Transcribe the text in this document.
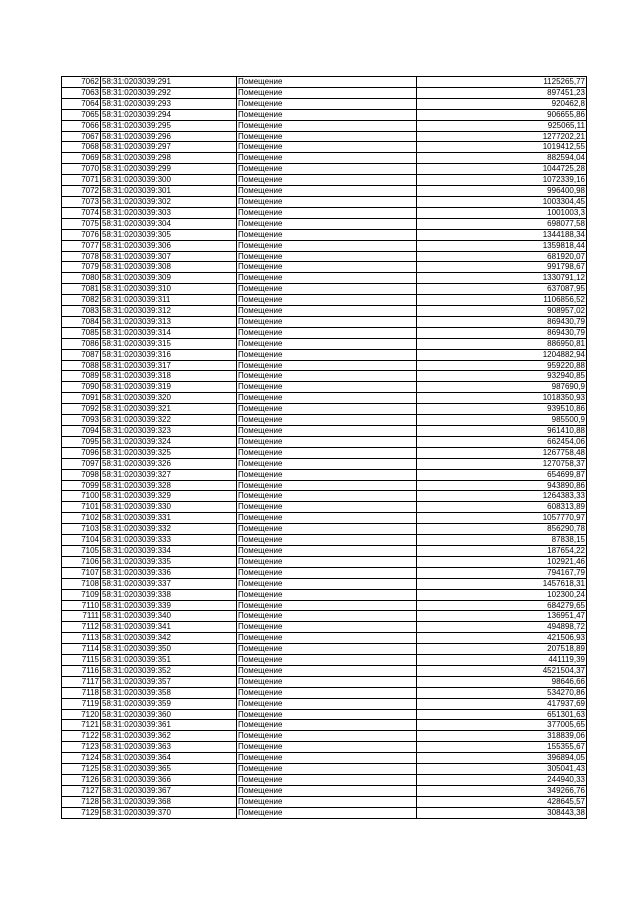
7062	58:31:0203039:291	Помещение	1125265,77
7063	58:31:0203039:292	Помещение	897451,23
7064	58:31:0203039:293	Помещение	920462,8
7065	58:31:0203039:294	Помещение	906655,86
7066	58:31:0203039:295	Помещение	925065,11
7067	58:31:0203039:296	Помещение	1277202,21
7068	58:31:0203039:297	Помещение	1019412,55
7069	58:31:0203039:298	Помещение	882594,04
7070	58:31:0203039:299	Помещение	1044725,28
7071	58:31:0203039:300	Помещение	1072339,16
7072	58:31:0203039:301	Помещение	996400,98
7073	58:31:0203039:302	Помещение	1003304,45
7074	58:31:0203039:303	Помещение	1001003,3
7075	58:31:0203039:304	Помещение	698077,58
7076	58:31:0203039:305	Помещение	1344188,34
7077	58:31:0203039:306	Помещение	1359818,44
7078	58:31:0203039:307	Помещение	681920,07
7079	58:31:0203039:308	Помещение	991798,67
7080	58:31:0203039:309	Помещение	1330791,12
7081	58:31:0203039:310	Помещение	637087,95
7082	58:31:0203039:311	Помещение	1106856,52
7083	58:31:0203039:312	Помещение	908957,02
7084	58:31:0203039:313	Помещение	869430,79
7085	58:31:0203039:314	Помещение	869430,79
7086	58:31:0203039:315	Помещение	886950,81
7087	58:31:0203039:316	Помещение	1204882,94
7088	58:31:0203039:317	Помещение	959220,88
7089	58:31:0203039:318	Помещение	932940,85
7090	58:31:0203039:319	Помещение	987690,9
7091	58:31:0203039:320	Помещение	1018350,93
7092	58:31:0203039:321	Помещение	939510,86
7093	58:31:0203039:322	Помещение	985500,9
7094	58:31:0203039:323	Помещение	961410,88
7095	58:31:0203039:324	Помещение	662454,06
7096	58:31:0203039:325	Помещение	1267758,48
7097	58:31:0203039:326	Помещение	1270758,37
7098	58:31:0203039:327	Помещение	654699,87
7099	58:31:0203039:328	Помещение	943890,86
7100	58:31:0203039:329	Помещение	1264383,33
7101	58:31:0203039:330	Помещение	608313,89
7102	58:31:0203039:331	Помещение	1057770,97
7103	58:31:0203039:332	Помещение	856290,78
7104	58:31:0203039:333	Помещение	87838,15
7105	58:31:0203039:334	Помещение	187654,22
7106	58:31:0203039:335	Помещение	102921,46
7107	58:31:0203039:336	Помещение	794167,79
7108	58:31:0203039:337	Помещение	1457618,31
7109	58:31:0203039:338	Помещение	102300,24
7110	58:31:0203039:339	Помещение	684279,65
7111	58:31:0203039:340	Помещение	136951,47
7112	58:31:0203039:341	Помещение	494898,72
7113	58:31:0203039:342	Помещение	421506,93
7114	58:31:0203039:350	Помещение	207518,89
7115	58:31:0203039:351	Помещение	441119,39
7116	58:31:0203039:352	Помещение	4521504,37
7117	58:31:0203039:357	Помещение	98646,66
7118	58:31:0203039:358	Помещение	534270,86
7119	58:31:0203039:359	Помещение	417937,69
7120	58:31:0203039:360	Помещение	651301,63
7121	58:31:0203039:361	Помещение	377005,65
7122	58:31:0203039:362	Помещение	318839,06
7123	58:31:0203039:363	Помещение	155355,67
7124	58:31:0203039:364	Помещение	396894,05
7125	58:31:0203039:365	Помещение	305041,43
7126	58:31:0203039:366	Помещение	244940,33
7127	58:31:0203039:367	Помещение	349266,76
7128	58:31:0203039:368	Помещение	428645,57
7129	58:31:0203039:370	Помещение	308443,38
